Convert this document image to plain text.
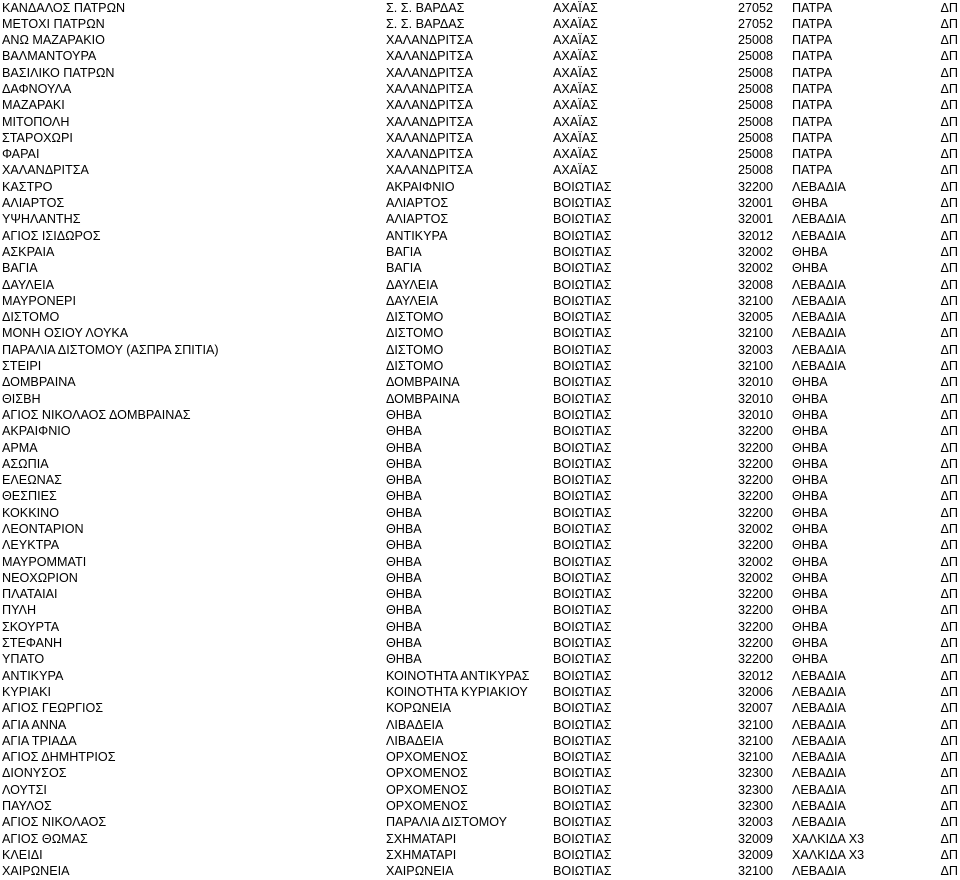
ΚΑΝΔΑΛΟΣ ΠΑΤΡΩΝ	Σ. Σ. ΒΑΡΔΑΣ	ΑΧΑΪΑΣ	27052 ΠΑΤΡΑ	ΔΠ
ΜΕΤΟΧΙ ΠΑΤΡΩΝ	Σ. Σ. ΒΑΡΔΑΣ	ΑΧΑΪΑΣ	27052 ΠΑΤΡΑ	ΔΠ
ΑΝΩ ΜΑΖΑΡΑΚΙΟ	ΧΑΛΑΝΔΡΙΤΣΑ	ΑΧΑΪΑΣ	25008 ΠΑΤΡΑ	ΔΠ
ΒΑΛΜΑΝΤΟΥΡΑ	ΧΑΛΑΝΔΡΙΤΣΑ	ΑΧΑΪΑΣ	25008 ΠΑΤΡΑ	ΔΠ
ΒΑΣΙΛΙΚΟ ΠΑΤΡΩΝ	ΧΑΛΑΝΔΡΙΤΣΑ	ΑΧΑΪΑΣ	25008 ΠΑΤΡΑ	ΔΠ
ΔΑΦΝΟΥΛΑ	ΧΑΛΑΝΔΡΙΤΣΑ	ΑΧΑΪΑΣ	25008 ΠΑΤΡΑ	ΔΠ
ΜΑΖΑΡΑΚΙ	ΧΑΛΑΝΔΡΙΤΣΑ	ΑΧΑΪΑΣ	25008 ΠΑΤΡΑ	ΔΠ
ΜΙΤΟΠΟΛΗ	ΧΑΛΑΝΔΡΙΤΣΑ	ΑΧΑΪΑΣ	25008 ΠΑΤΡΑ	ΔΠ
ΣΤΑΡΟΧΩΡΙ	ΧΑΛΑΝΔΡΙΤΣΑ	ΑΧΑΪΑΣ	25008 ΠΑΤΡΑ	ΔΠ
ΦΑΡΑΙ	ΧΑΛΑΝΔΡΙΤΣΑ	ΑΧΑΪΑΣ	25008 ΠΑΤΡΑ	ΔΠ
ΧΑΛΑΝΔΡΙΤΣΑ	ΧΑΛΑΝΔΡΙΤΣΑ	ΑΧΑΪΑΣ	25008 ΠΑΤΡΑ	ΔΠ
ΚΑΣΤΡΟ	ΑΚΡΑΙΦΝΙΟ	ΒΟΙΩΤΙΑΣ	32200 ΛΕΒΑΔΙΑ	ΔΠ
ΑΛΙΑΡΤΟΣ	ΑΛΙΑΡΤΟΣ	ΒΟΙΩΤΙΑΣ	32001 ΘΗΒΑ	ΔΠ
ΥΨΗΛΑΝΤΗΣ	ΑΛΙΑΡΤΟΣ	ΒΟΙΩΤΙΑΣ	32001 ΛΕΒΑΔΙΑ	ΔΠ
ΑΓΙΟΣ ΙΣΙΔΩΡΟΣ	ΑΝΤΙΚΥΡΑ	ΒΟΙΩΤΙΑΣ	32012 ΛΕΒΑΔΙΑ	ΔΠ
ΑΣΚΡΑΙΑ	ΒΑΓΙΑ	ΒΟΙΩΤΙΑΣ	32002 ΘΗΒΑ	ΔΠ
ΒΑΓΙΑ	ΒΑΓΙΑ	ΒΟΙΩΤΙΑΣ	32002 ΘΗΒΑ	ΔΠ
ΔΑΥΛΕΙΑ	ΔΑΥΛΕΙΑ	ΒΟΙΩΤΙΑΣ	32008 ΛΕΒΑΔΙΑ	ΔΠ
ΜΑΥΡΟΝΕΡΙ	ΔΑΥΛΕΙΑ	ΒΟΙΩΤΙΑΣ	32100 ΛΕΒΑΔΙΑ	ΔΠ
ΔΙΣΤΟΜΟ	ΔΙΣΤΟΜΟ	ΒΟΙΩΤΙΑΣ	32005 ΛΕΒΑΔΙΑ	ΔΠ
ΜΟΝΗ ΟΣΙΟΥ ΛΟΥΚΑ	ΔΙΣΤΟΜΟ	ΒΟΙΩΤΙΑΣ	32100 ΛΕΒΑΔΙΑ	ΔΠ
ΠΑΡΑΛΙΑ ΔΙΣΤΟΜΟΥ (ΑΣΠΡΑ ΣΠΙΤΙΑ)	ΔΙΣΤΟΜΟ	ΒΟΙΩΤΙΑΣ	32003 ΛΕΒΑΔΙΑ	ΔΠ
ΣΤΕΙΡΙ	ΔΙΣΤΟΜΟ	ΒΟΙΩΤΙΑΣ	32100 ΛΕΒΑΔΙΑ	ΔΠ
ΔΟΜΒΡΑΙΝΑ	ΔΟΜΒΡΑΙΝΑ	ΒΟΙΩΤΙΑΣ	32010 ΘΗΒΑ	ΔΠ
ΘΙΣΒΗ	ΔΟΜΒΡΑΙΝΑ	ΒΟΙΩΤΙΑΣ	32010 ΘΗΒΑ	ΔΠ
ΑΓΙΟΣ ΝΙΚΟΛΑΟΣ ΔΟΜΒΡΑΙΝΑΣ	ΘΗΒΑ	ΒΟΙΩΤΙΑΣ	32010 ΘΗΒΑ	ΔΠ
ΑΚΡΑΙΦΝΙΟ	ΘΗΒΑ	ΒΟΙΩΤΙΑΣ	32200 ΘΗΒΑ	ΔΠ
ΑΡΜΑ	ΘΗΒΑ	ΒΟΙΩΤΙΑΣ	32200 ΘΗΒΑ	ΔΠ
ΑΣΩΠΙΑ	ΘΗΒΑ	ΒΟΙΩΤΙΑΣ	32200 ΘΗΒΑ	ΔΠ
ΕΛΕΩΝΑΣ	ΘΗΒΑ	ΒΟΙΩΤΙΑΣ	32200 ΘΗΒΑ	ΔΠ
ΘΕΣΠΙΕΣ	ΘΗΒΑ	ΒΟΙΩΤΙΑΣ	32200 ΘΗΒΑ	ΔΠ
ΚΟΚΚΙΝΟ	ΘΗΒΑ	ΒΟΙΩΤΙΑΣ	32200 ΘΗΒΑ	ΔΠ
ΛΕΟΝΤΑΡΙΟΝ	ΘΗΒΑ	ΒΟΙΩΤΙΑΣ	32002 ΘΗΒΑ	ΔΠ
ΛΕΥΚΤΡΑ	ΘΗΒΑ	ΒΟΙΩΤΙΑΣ	32200 ΘΗΒΑ	ΔΠ
ΜΑΥΡΟΜΜΑΤΙ	ΘΗΒΑ	ΒΟΙΩΤΙΑΣ	32002 ΘΗΒΑ	ΔΠ
ΝΕΟΧΩΡΙΟΝ	ΘΗΒΑ	ΒΟΙΩΤΙΑΣ	32002 ΘΗΒΑ	ΔΠ
ΠΛΑΤΑΙΑΙ	ΘΗΒΑ	ΒΟΙΩΤΙΑΣ	32200 ΘΗΒΑ	ΔΠ
ΠΥΛΗ	ΘΗΒΑ	ΒΟΙΩΤΙΑΣ	32200 ΘΗΒΑ	ΔΠ
ΣΚΟΥΡΤΑ	ΘΗΒΑ	ΒΟΙΩΤΙΑΣ	32200 ΘΗΒΑ	ΔΠ
ΣΤΕΦΑΝΗ	ΘΗΒΑ	ΒΟΙΩΤΙΑΣ	32200 ΘΗΒΑ	ΔΠ
ΥΠΑΤΟ	ΘΗΒΑ	ΒΟΙΩΤΙΑΣ	32200 ΘΗΒΑ	ΔΠ
ΑΝΤΙΚΥΡΑ	ΚΟΙΝΟΤΗΤΑ ΑΝΤΙΚΥΡΑΣ ΒΟΙΩΤΙΑΣ	32012 ΛΕΒΑΔΙΑ	ΔΠ
ΚΥΡΙΑΚΙ	ΚΟΙΝΟΤΗΤΑ ΚΥΡΙΑΚΙΟΥ ΒΟΙΩΤΙΑΣ	32006 ΛΕΒΑΔΙΑ	ΔΠ
ΑΓΙΟΣ ΓΕΩΡΓΙΟΣ	ΚΟΡΩΝΕΙΑ	ΒΟΙΩΤΙΑΣ	32007 ΛΕΒΑΔΙΑ	ΔΠ
ΑΓΙΑ ΑΝΝΑ	ΛΙΒΑΔΕΙΑ	ΒΟΙΩΤΙΑΣ	32100 ΛΕΒΑΔΙΑ	ΔΠ
ΑΓΙΑ ΤΡΙΑΔΑ	ΛΙΒΑΔΕΙΑ	ΒΟΙΩΤΙΑΣ	32100 ΛΕΒΑΔΙΑ	ΔΠ
ΑΓΙΟΣ ΔΗΜΗΤΡΙΟΣ	ΟΡΧΟΜΕΝΟΣ	ΒΟΙΩΤΙΑΣ	32100 ΛΕΒΑΔΙΑ	ΔΠ
ΔΙΟΝΥΣΟΣ	ΟΡΧΟΜΕΝΟΣ	ΒΟΙΩΤΙΑΣ	32300 ΛΕΒΑΔΙΑ	ΔΠ
ΛΟΥΤΣΙ	ΟΡΧΟΜΕΝΟΣ	ΒΟΙΩΤΙΑΣ	32300 ΛΕΒΑΔΙΑ	ΔΠ
ΠΑΥΛΟΣ	ΟΡΧΟΜΕΝΟΣ	ΒΟΙΩΤΙΑΣ	32300 ΛΕΒΑΔΙΑ	ΔΠ
ΑΓΙΟΣ ΝΙΚΟΛΑΟΣ	ΠΑΡΑΛΙΑ ΔΙΣΤΟΜΟΥ	ΒΟΙΩΤΙΑΣ	32003 ΛΕΒΑΔΙΑ	ΔΠ
ΑΓΙΟΣ ΘΩΜΑΣ	ΣΧΗΜΑΤΑΡΙ	ΒΟΙΩΤΙΑΣ	32009 ΧΑΛΚΙΔΑ Χ3	ΔΠ
ΚΛΕΙΔΙ	ΣΧΗΜΑΤΑΡΙ	ΒΟΙΩΤΙΑΣ	32009 ΧΑΛΚΙΔΑ Χ3	ΔΠ
ΧΑΙΡΩΝΕΙΑ	ΧΑΙΡΩΝΕΙΑ	ΒΟΙΩΤΙΑΣ	32100 ΛΕΒΑΔΙΑ	ΔΠ
